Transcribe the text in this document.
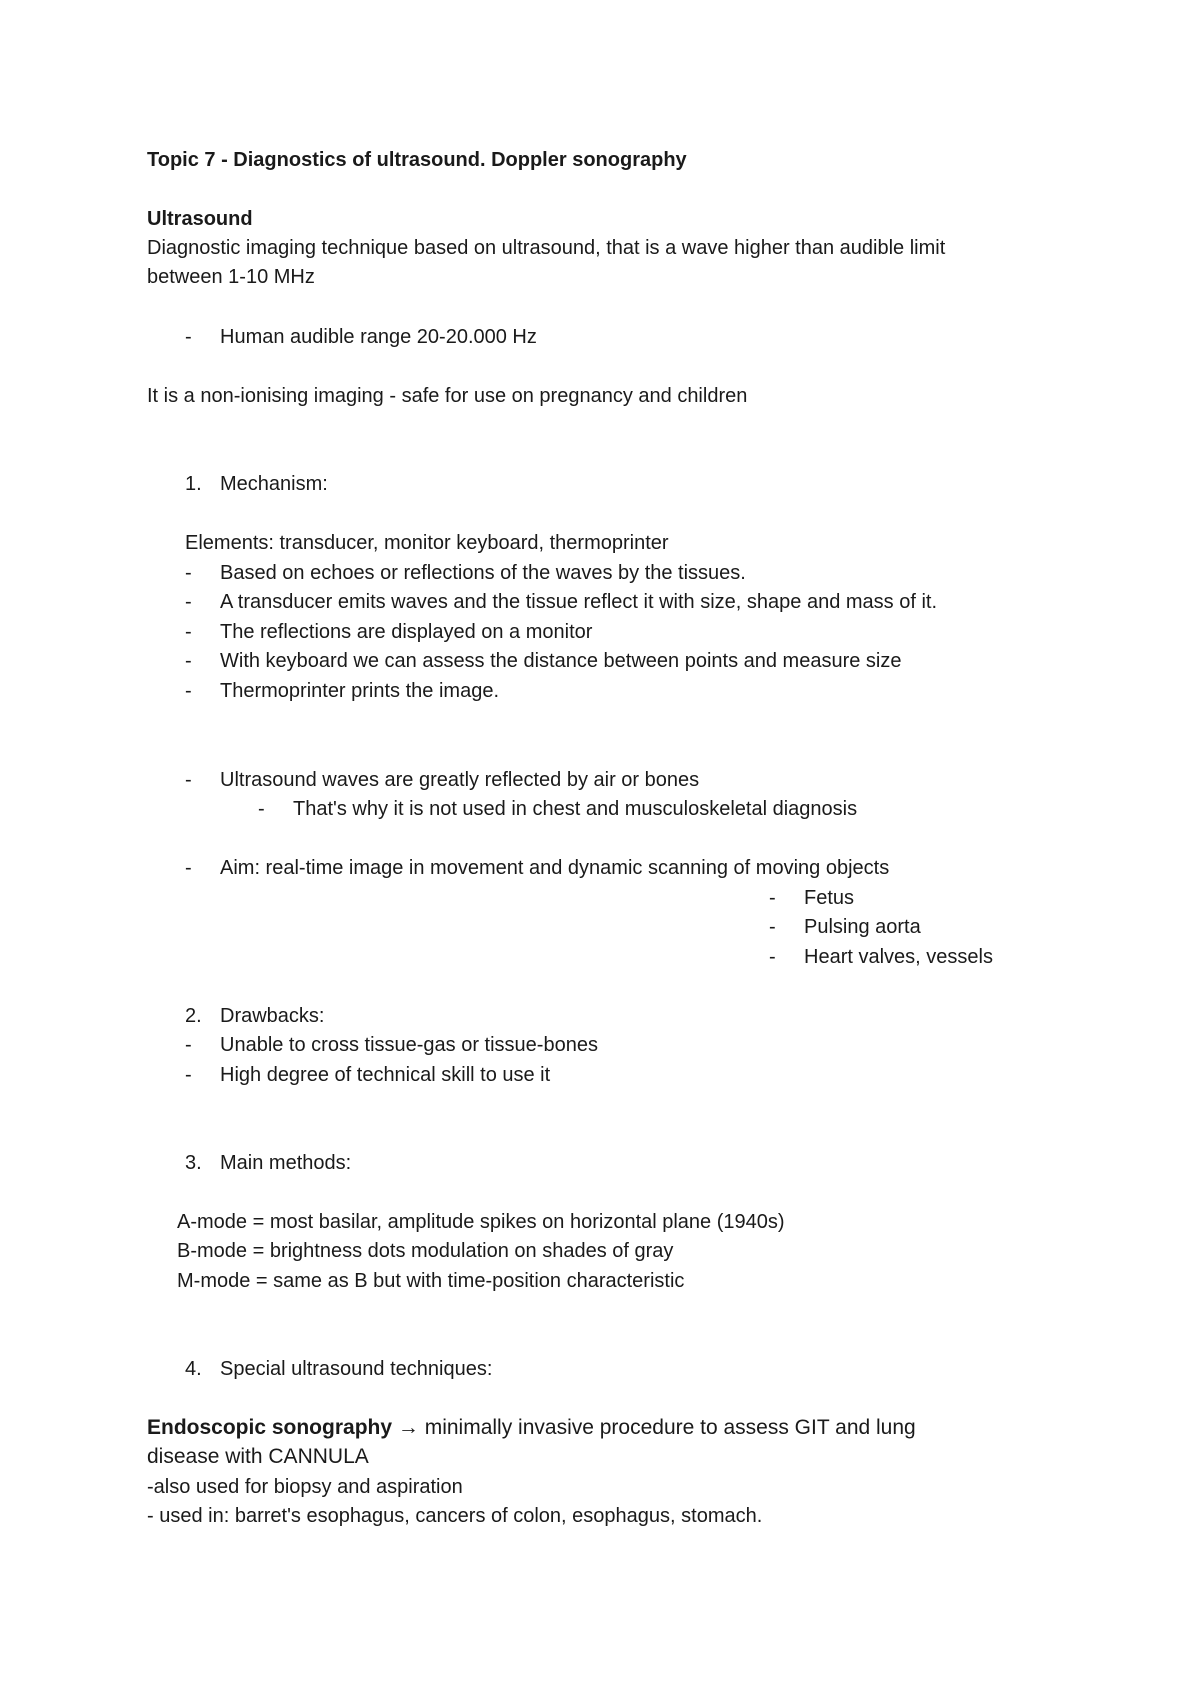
Topic 7 - Diagnostics of ultrasound. Doppler sonography
Ultrasound
Diagnostic imaging technique based on ultrasound, that is a wave higher than audible limit
between 1-10 MHz
- Human audible range 20-20.000 Hz
It is a non-ionising imaging - safe for use on pregnancy and children
1. Mechanism:
Elements: transducer, monitor keyboard, thermoprinter
- Based on echoes or reflections of the waves by the tissues.
- A transducer emits waves and the tissue reflect it with size, shape and mass of it.
- The reflections are displayed on a monitor
- With keyboard we can assess the distance between points and measure size
- Thermoprinter prints the image.
- Ultrasound waves are greatly reflected by air or bones
- That's why it is not used in chest and musculoskeletal diagnosis
- Aim: real-time image in movement and dynamic scanning of moving objects
- Fetus
- Pulsing aorta
- Heart valves, vessels
2. Drawbacks:
- Unable to cross tissue-gas or tissue-bones
- High degree of technical skill to use it
3. Main methods:
A-mode = most basilar, amplitude spikes on horizontal plane (1940s)
B-mode = brightness dots modulation on shades of gray
M-mode = same as B but with time-position characteristic
4. Special ultrasound techniques:
Endoscopic sonography → minimally invasive procedure to assess GIT and lung
disease with CANNULA
-also used for biopsy and aspiration
- used in: barret's esophagus, cancers of colon, esophagus, stomach.
